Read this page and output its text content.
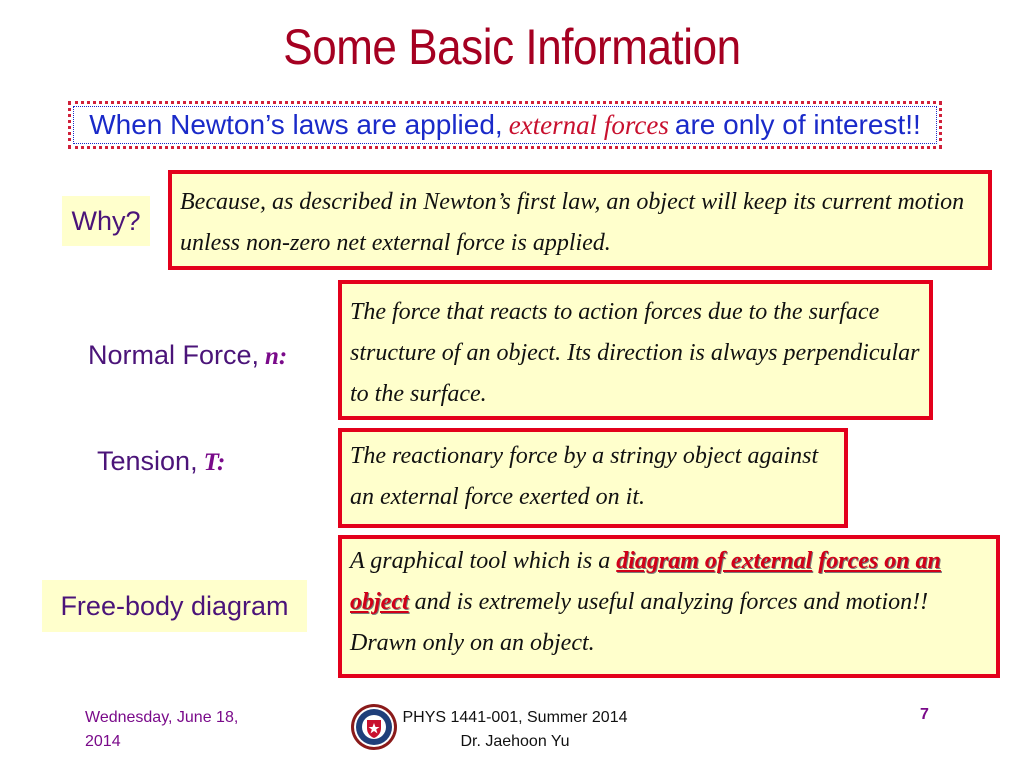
Some Basic Information
When Newton’s laws are applied, external forces are only of interest!!
Why?
Because, as described in Newton’s first law, an object will keep its current motion unless non-zero net external force is applied.
Normal Force, n:
The force that reacts to action forces due to the surface structure of an object. Its direction is always perpendicular to the surface.
Tension, T:	The reactionary force by a stringy object against an external force exerted on it.
Free-body diagram
A graphical tool which is a diagram of external forces on an object and is extremely useful analyzing forces and motion!! Drawn only on an object.
Wednesday, June 18,
2014
PHYS 1441-001, Summer 2014
Dr. Jaehoon Yu
7
